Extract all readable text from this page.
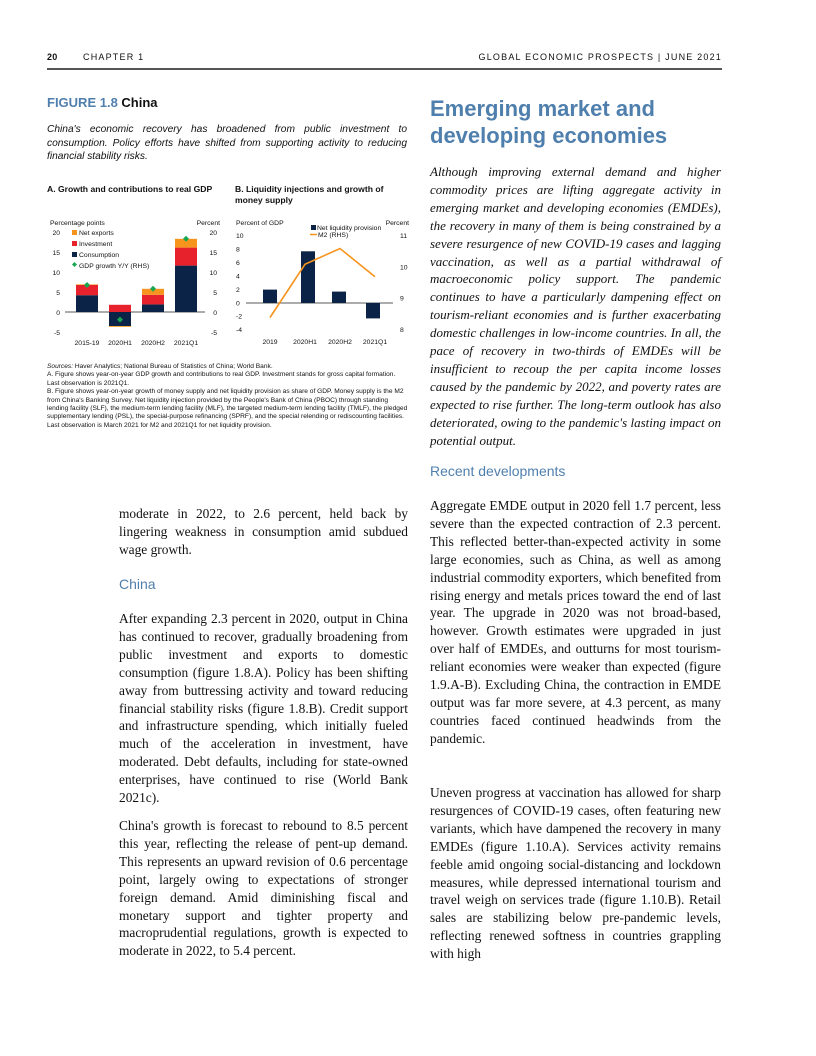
20	CHAPTER 1	GLOBAL ECONOMIC PROSPECTS | JUNE 2021
FIGURE 1.8 China
China's economic recovery has broadened from public investment to consumption. Policy efforts have shifted from supporting activity to reducing financial stability risks.
A. Growth and contributions to real GDP
Percentage points	Percent
20
15
10
5
0
-5
20
15
10
5
0
-5
Net exports
Investment
Consumption
GDP growth Y/Y (RHS)
2015-19 2020H1 2020H2 2021Q1
B. Liquidity injections and growth of money supply
Percent of GDP	Percent
10
8
6
4
2
0
-2
-4
11
10
9
8
Net liquidity provision
M2 (RHS)
2019 2020H1 2020H2 2021Q1

Sources: Haver Analytics; National Bureau of Statistics of China; World Bank.

A. Figure shows year-on-year GDP growth and contributions to real GDP. Investment stands for gross capital formation. Last observation is 2021Q1.

B. Figure shows year-on-year growth of money supply and net liquidity provision as share of GDP. Money supply is the M2 from China's Banking Survey. Net liquidity injection provided by the People's Bank of China (PBOC) through standing lending facility (SLF), the medium-term lending facility (MLF), the targeted medium-term lending facility (TMLF), the pledged supplementary lending (PSL), the special-purpose refinancing (SPRF), and the special relending or rediscounting facilities. Last observation is March 2021 for M2 and 2021Q1 for net liquidity provision.

Emerging market and developing economies
Although improving external demand and higher commodity prices are lifting aggregate activity in emerging market and developing economies (EMDEs), the recovery in many of them is being constrained by a severe resurgence of new COVID-19 cases and lagging vaccination, as well as a partial withdrawal of macroeconomic policy support. The pandemic continues to have a particularly dampening effect on tourism-reliant economies and is further exacerbating domestic challenges in low-income countries. In all, the pace of recovery in two-thirds of EMDEs will be insufficient to recoup the per capita income losses caused by the pandemic by 2022, and poverty rates are expected to rise further. The long-term outlook has also deteriorated, owing to the pandemic's lasting impact on potential output.
Recent developments
Aggregate EMDE output in 2020 fell 1.7 percent, less severe than the expected contraction of 2.3 percent. This reflected better-than-expected activity in some large economies, such as China, as well as among industrial commodity exporters, which benefited from rising energy and metals prices toward the end of last year. The upgrade in 2020 was not broad-based, however. Growth estimates were upgraded in just over half of EMDEs, and outturns for most tourism-reliant economies were weaker than expected (figure 1.9.A-B). Excluding China, the contraction in EMDE output was far more severe, at 4.3 percent, as many countries faced continued headwinds from the pandemic.
Uneven progress at vaccination has allowed for sharp resurgences of COVID-19 cases, often featuring new variants, which have dampened the recovery in many EMDEs (figure 1.10.A). Services activity remains feeble amid ongoing social-distancing and lockdown measures, while depressed international tourism and travel weigh on services trade (figure 1.10.B). Retail sales are stabilizing below pre-pandemic levels, reflecting renewed softness in countries grappling with high
moderate in 2022, to 2.6 percent, held back by lingering weakness in consumption amid subdued wage growth.
China
After expanding 2.3 percent in 2020, output in China has continued to recover, gradually broadening from public investment and exports to domestic consumption (figure 1.8.A). Policy has been shifting away from buttressing activity and toward reducing financial stability risks (figure 1.8.B). Credit support and infrastructure spending, which initially fueled much of the acceleration in investment, have moderated. Debt defaults, including for state-owned enterprises, have continued to rise (World Bank 2021c).
China's growth is forecast to rebound to 8.5 percent this year, reflecting the release of pent-up demand. This represents an upward revision of 0.6 percentage point, largely owing to expectations of stronger foreign demand. Amid diminishing fiscal and monetary support and tighter property and macroprudential regulations, growth is expected to moderate in 2022, to 5.4 percent.
